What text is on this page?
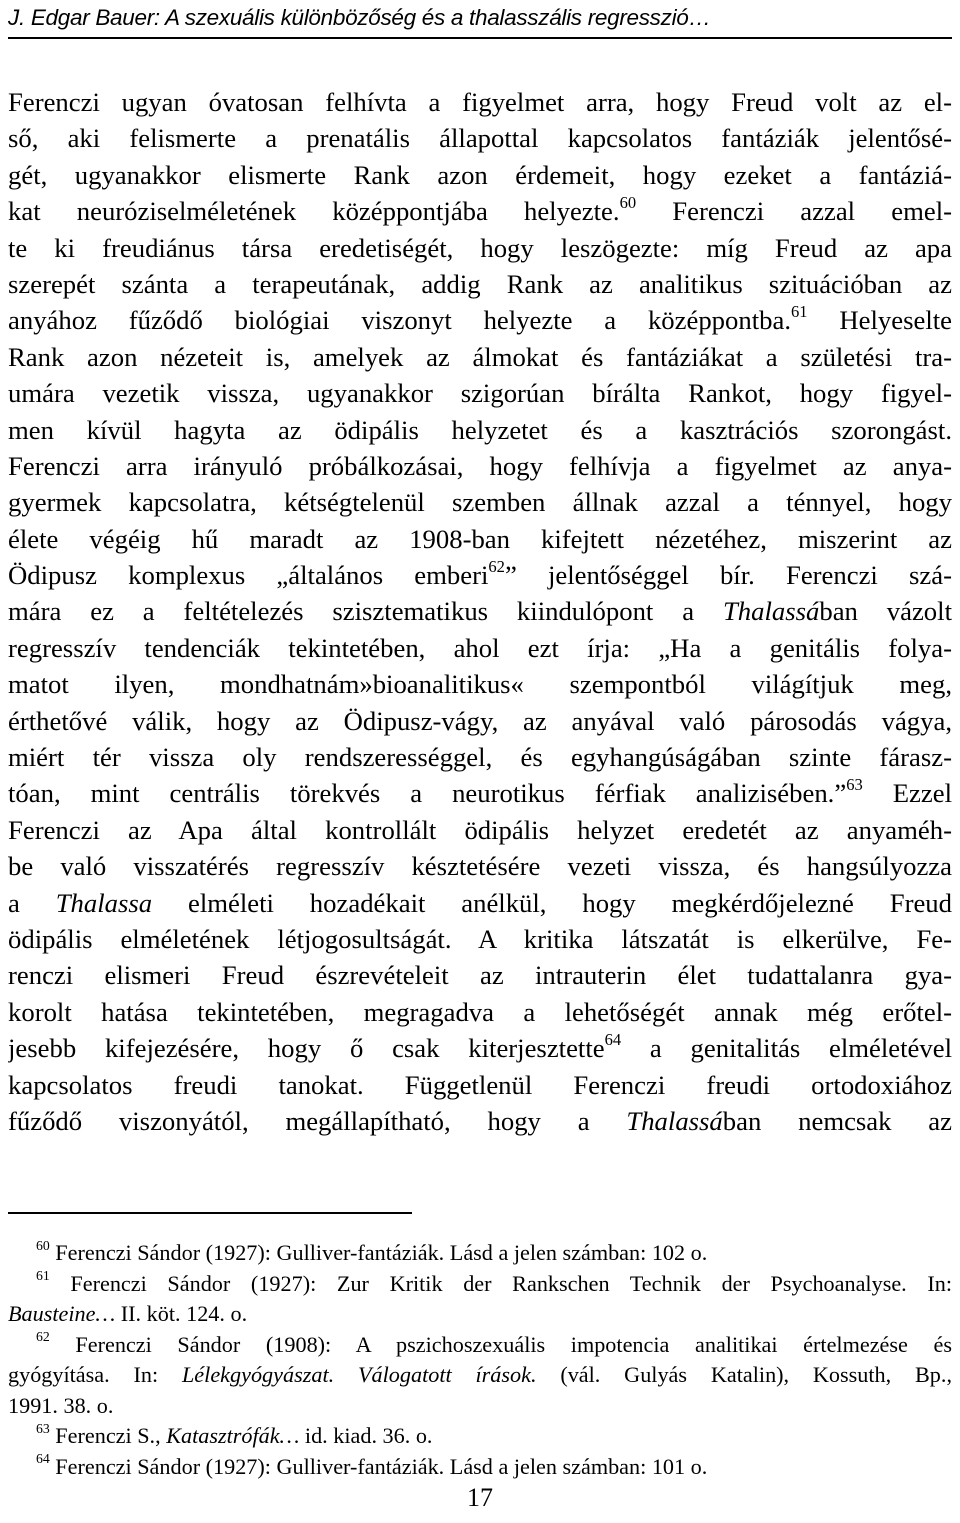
J. Edgar Bauer: A szexuális különbözőség és a thalasszális regresszió…
Ferenczi ugyan óvatosan felhívta a figyelmet arra, hogy Freud volt az el-
ső, aki felismerte a prenatális állapottal kapcsolatos fantáziák jelentősé-
gét, ugyanakkor elismerte Rank azon érdemeit, hogy ezeket a fantáziá-
kat neuróziselméletének középpontjába helyezte.$^{60}$ Ferenczi azzal emel-
te ki freudiánus társa eredetiségét, hogy leszögezte: míg Freud az apa
szerepét szánta a terapeutának, addig Rank az analitikus szituációban az
anyához fűződő biológiai viszonyt helyezte a középpontba.$^{61}$ Helyeselte
Rank azon nézeteit is, amelyek az álmokat és fantáziákat a születési tra-
umára vezetik vissza, ugyanakkor szigorúan bírálta Rankot, hogy figyel-
men kívül hagyta az ödipális helyzetet és a kasztrációs szorongást.
Ferenczi arra irányuló próbálkozásai, hogy felhívja a figyelmet az anya-
gyermek kapcsolatra, kétségtelenül szemben állnak azzal a ténnyel, hogy
élete végéig hű maradt az 1908-ban kifejtett nézetéhez, miszerint az
Ödipusz komplexus „általános emberi$^{62}$” jelentőséggel bír. Ferenczi szá-
mára ez a feltételezés szisztematikus kiindulópont a Thalassában vázolt
regresszív tendenciák tekintetében, ahol ezt írja: „Ha a genitális folya-
matot ilyen, mondhatnám»bioanalitikus« szempontból világítjuk meg,
érthetővé válik, hogy az Ödipusz-vágy, az anyával való párosodás vágya,
miért tér vissza oly rendszerességgel, és egyhangúságában szinte fárasz-
tóan, mint centrális törekvés a neurotikus férfiak analizisében.”$^{63}$ Ezzel
Ferenczi az Apa által kontrollált ödipális helyzet eredetét az anyaméh-
be való visszatérés regresszív késztetésére vezeti vissza, és hangsúlyozza
a Thalassa elméleti hozadékait anélkül, hogy megkérdőjelezné Freud
ödipális elméletének létjogosultságát. A kritika látszatát is elkerülve, Fe-
renczi elismeri Freud észrevételeit az intrauterin élet tudattalanra gya-
korolt hatása tekintetében, megragadva a lehetőségét annak még erőtel-
jesebb kifejezésére, hogy ő csak kiterjesztette$^{64}$ a genitalitás elméletével
kapcsolatos freudi tanokat. Függetlenül Ferenczi freudi ortodoxiához
fűződő viszonyától, megállapítható, hogy a Thalassában nemcsak az
$^{60}$ Ferenczi Sándor (1927): Gulliver-fantáziák. Lásd a jelen számban: 102 o.
$^{61}$ Ferenczi Sándor (1927): Zur Kritik der Rankschen Technik der Psychoanalyse. In:
Bausteine… II. köt. 124. o.
$^{62}$ Ferenczi Sándor (1908): A pszichoszexuális impotencia analitikai értelmezése és
gyógyítása. In: Lélekgyógyászat. Válogatott írások. (vál. Gulyás Katalin), Kossuth, Bp.,
1991. 38. o.
$^{63}$ Ferenczi S., Katasztrófák… id. kiad. 36. o.
$^{64}$ Ferenczi Sándor (1927): Gulliver-fantáziák. Lásd a jelen számban: 101 o.
17
